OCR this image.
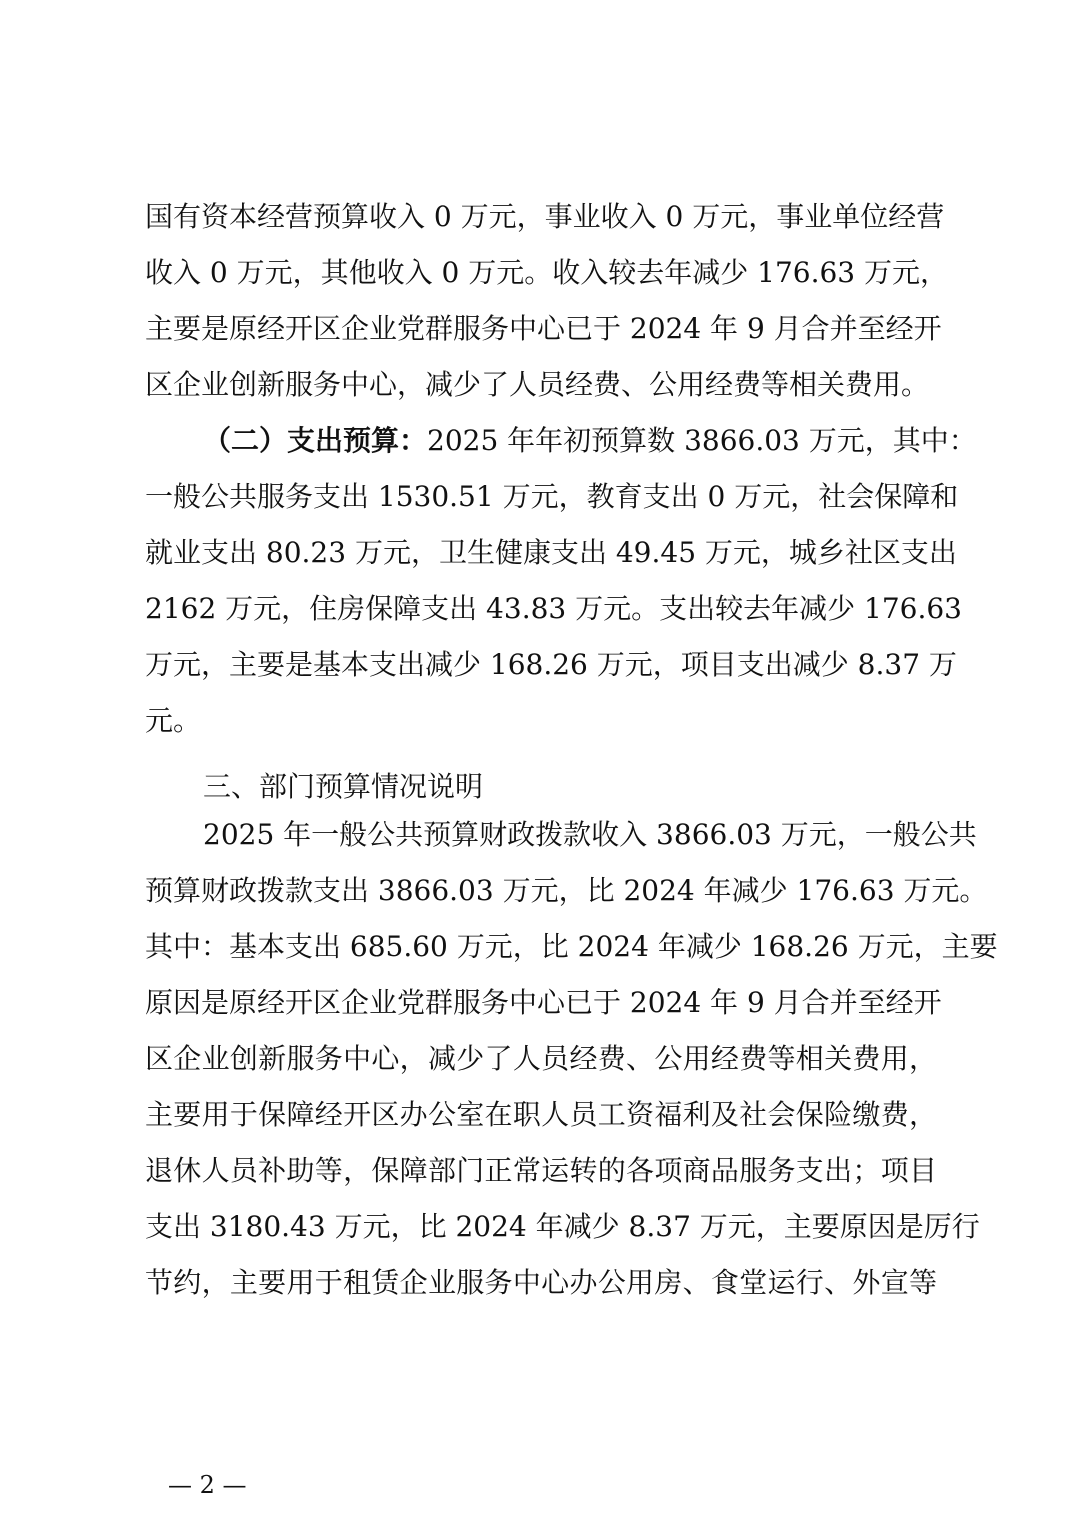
国有资本经营预算收入 0 万元，事业收入 0 万元，事业单位经营
收入 0 万元，其他收入 0 万元。收入较去年减少 176.63 万元，
主要是原经开区企业党群服务中心已于 2024 年 9 月合并至经开
区企业创新服务中心，减少了人员经费、公用经费等相关费用。
（二）支出预算：2025 年年初预算数 3866.03 万元，其中：
一般公共服务支出 1530.51 万元，教育支出 0 万元，社会保障和
就业支出 80.23 万元，卫生健康支出 49.45 万元，城乡社区支出
2162 万元，住房保障支出 43.83 万元。支出较去年减少 176.63
万元，主要是基本支出减少 168.26 万元，项目支出减少 8.37 万
元。
三、部门预算情况说明
2025 年一般公共预算财政拨款收入 3866.03 万元，一般公共
预算财政拨款支出 3866.03 万元，比 2024 年减少 176.63 万元。
其中：基本支出 685.60 万元，比 2024 年减少 168.26 万元，主要
原因是原经开区企业党群服务中心已于 2024 年 9 月合并至经开
区企业创新服务中心，减少了人员经费、公用经费等相关费用，
主要用于保障经开区办公室在职人员工资福利及社会保险缴费，
退休人员补助等，保障部门正常运转的各项商品服务支出；项目
支出 3180.43 万元，比 2024 年减少 8.37 万元，主要原因是厉行
节约，主要用于租赁企业服务中心办公用房、食堂运行、外宣等
— 2 —
